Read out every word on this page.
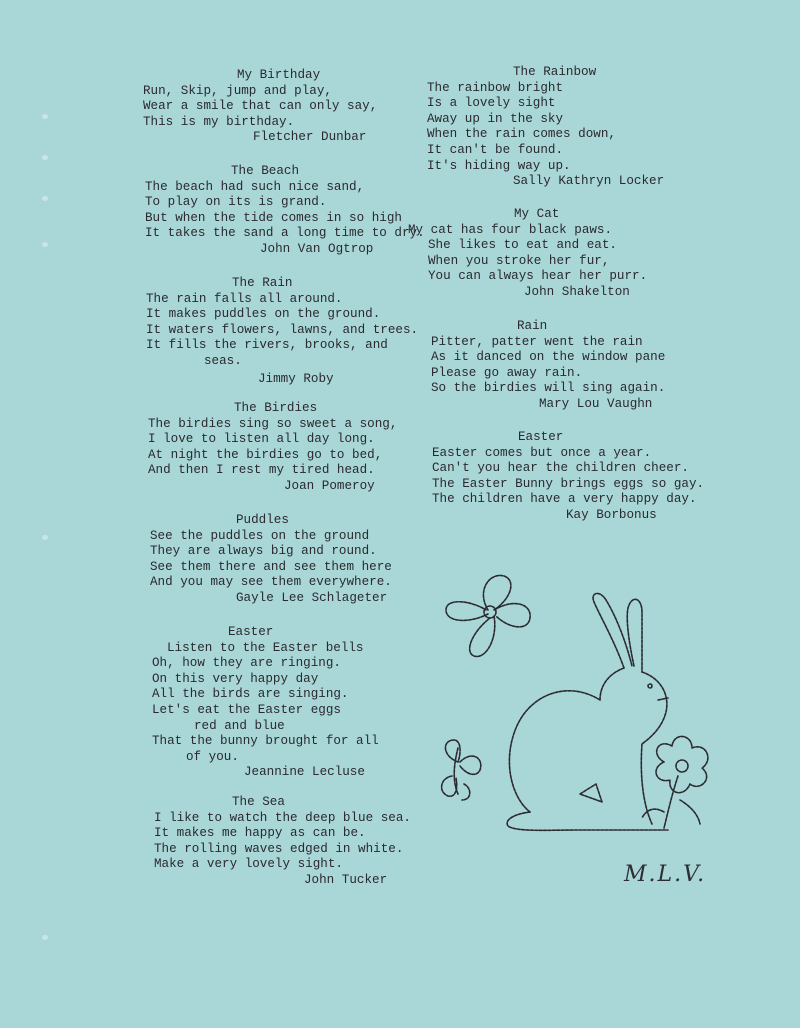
My Birthday
Run, Skip, jump and play,
Wear a smile that can only say,
This is my birthday.
Fletcher Dunbar
The Beach
The beach had such nice sand,
To play on its is grand.
But when the tide comes in so high
It takes the sand a long time to dry.
John Van Ogtrop
The Rain
The rain falls all around.
It makes puddles on the ground.
It waters flowers, lawns, and trees.
It fills the rivers, brooks, and
seas.
Jimmy Roby
The Birdies
The birdies sing so sweet a song,
I love to listen all day long.
At night the birdies go to bed,
And then I rest my tired head.
Joan Pomeroy
Puddles
See the puddles on the ground
They are always big and round.
See them there and see them here
And you may see them everywhere.
Gayle Lee Schlageter
Easter
Listen to the Easter bells
Oh, how they are ringing.
On this very happy day
All the birds are singing.
Let's eat the Easter eggs
red and blue
That the bunny brought for all
of you.
Jeannine Lecluse
The Sea
I like to watch the deep blue sea.
It makes me happy as can be.
The rolling waves edged in white.
Make a very lovely sight.
John Tucker
The Rainbow
The rainbow bright
Is a lovely sight
Away up in the sky
When the rain comes down,
It can't be found.
It's hiding way up.
Sally Kathryn Locker
My Cat
My cat has four black paws.
She likes to eat and eat.
When you stroke her fur,
You can always hear her purr.
John Shakelton
Rain
Pitter, patter went the rain
As it danced on the window pane
Please go away rain.
So the birdies will sing again.
Mary Lou Vaughn
Easter
Easter comes but once a year.
Can't you hear the children cheer.
The Easter Bunny brings eggs so gay.
The children have a very happy day.
Kay Borbonus
M.L.V.
